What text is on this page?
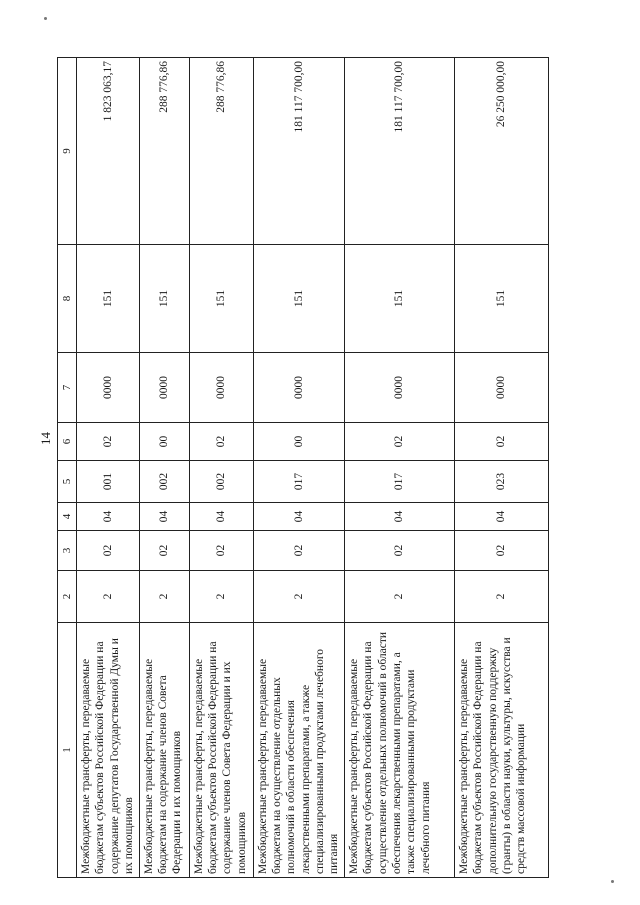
14
1	2	3	4	5	6	7	8	9
Межбюджетные трансферты, передаваемые бюджетам субъектов Российской Федерации на содержание депутатов Государственной Думы и их помощников	2	02	04	001	02	0000	151	1 823 063,17
Межбюджетные трансферты, передаваемые бюджетам на содержание членов Совета Федерации и их помощников	2	02	04	002	00	0000	151	288 776,86
Межбюджетные трансферты, передаваемые бюджетам субъектов Российской Федерации на содержание членов Совета Федерации и их помощников	2	02	04	002	02	0000	151	288 776,86
Межбюджетные трансферты, передаваемые бюджетам на осуществление отдельных полномочий в области обеспечения лекарственными препаратами, а также специализированными продуктами лечебного питания	2	02	04	017	00	0000	151	181 117 700,00
Межбюджетные трансферты, передаваемые бюджетам субъектов Российской Федерации на осуществление отдельных полномочий в области обеспечения лекарственными препаратами, а также специализированными продуктами лечебного питания	2	02	04	017	02	0000	151	181 117 700,00
Межбюджетные трансферты, передаваемые бюджетам субъектов Российской Федерации на дополнительную государственную поддержку (гранты) в области науки, культуры, искусства и средств массовой информации	2	02	04	023	02	0000	151	26 250 000,00
